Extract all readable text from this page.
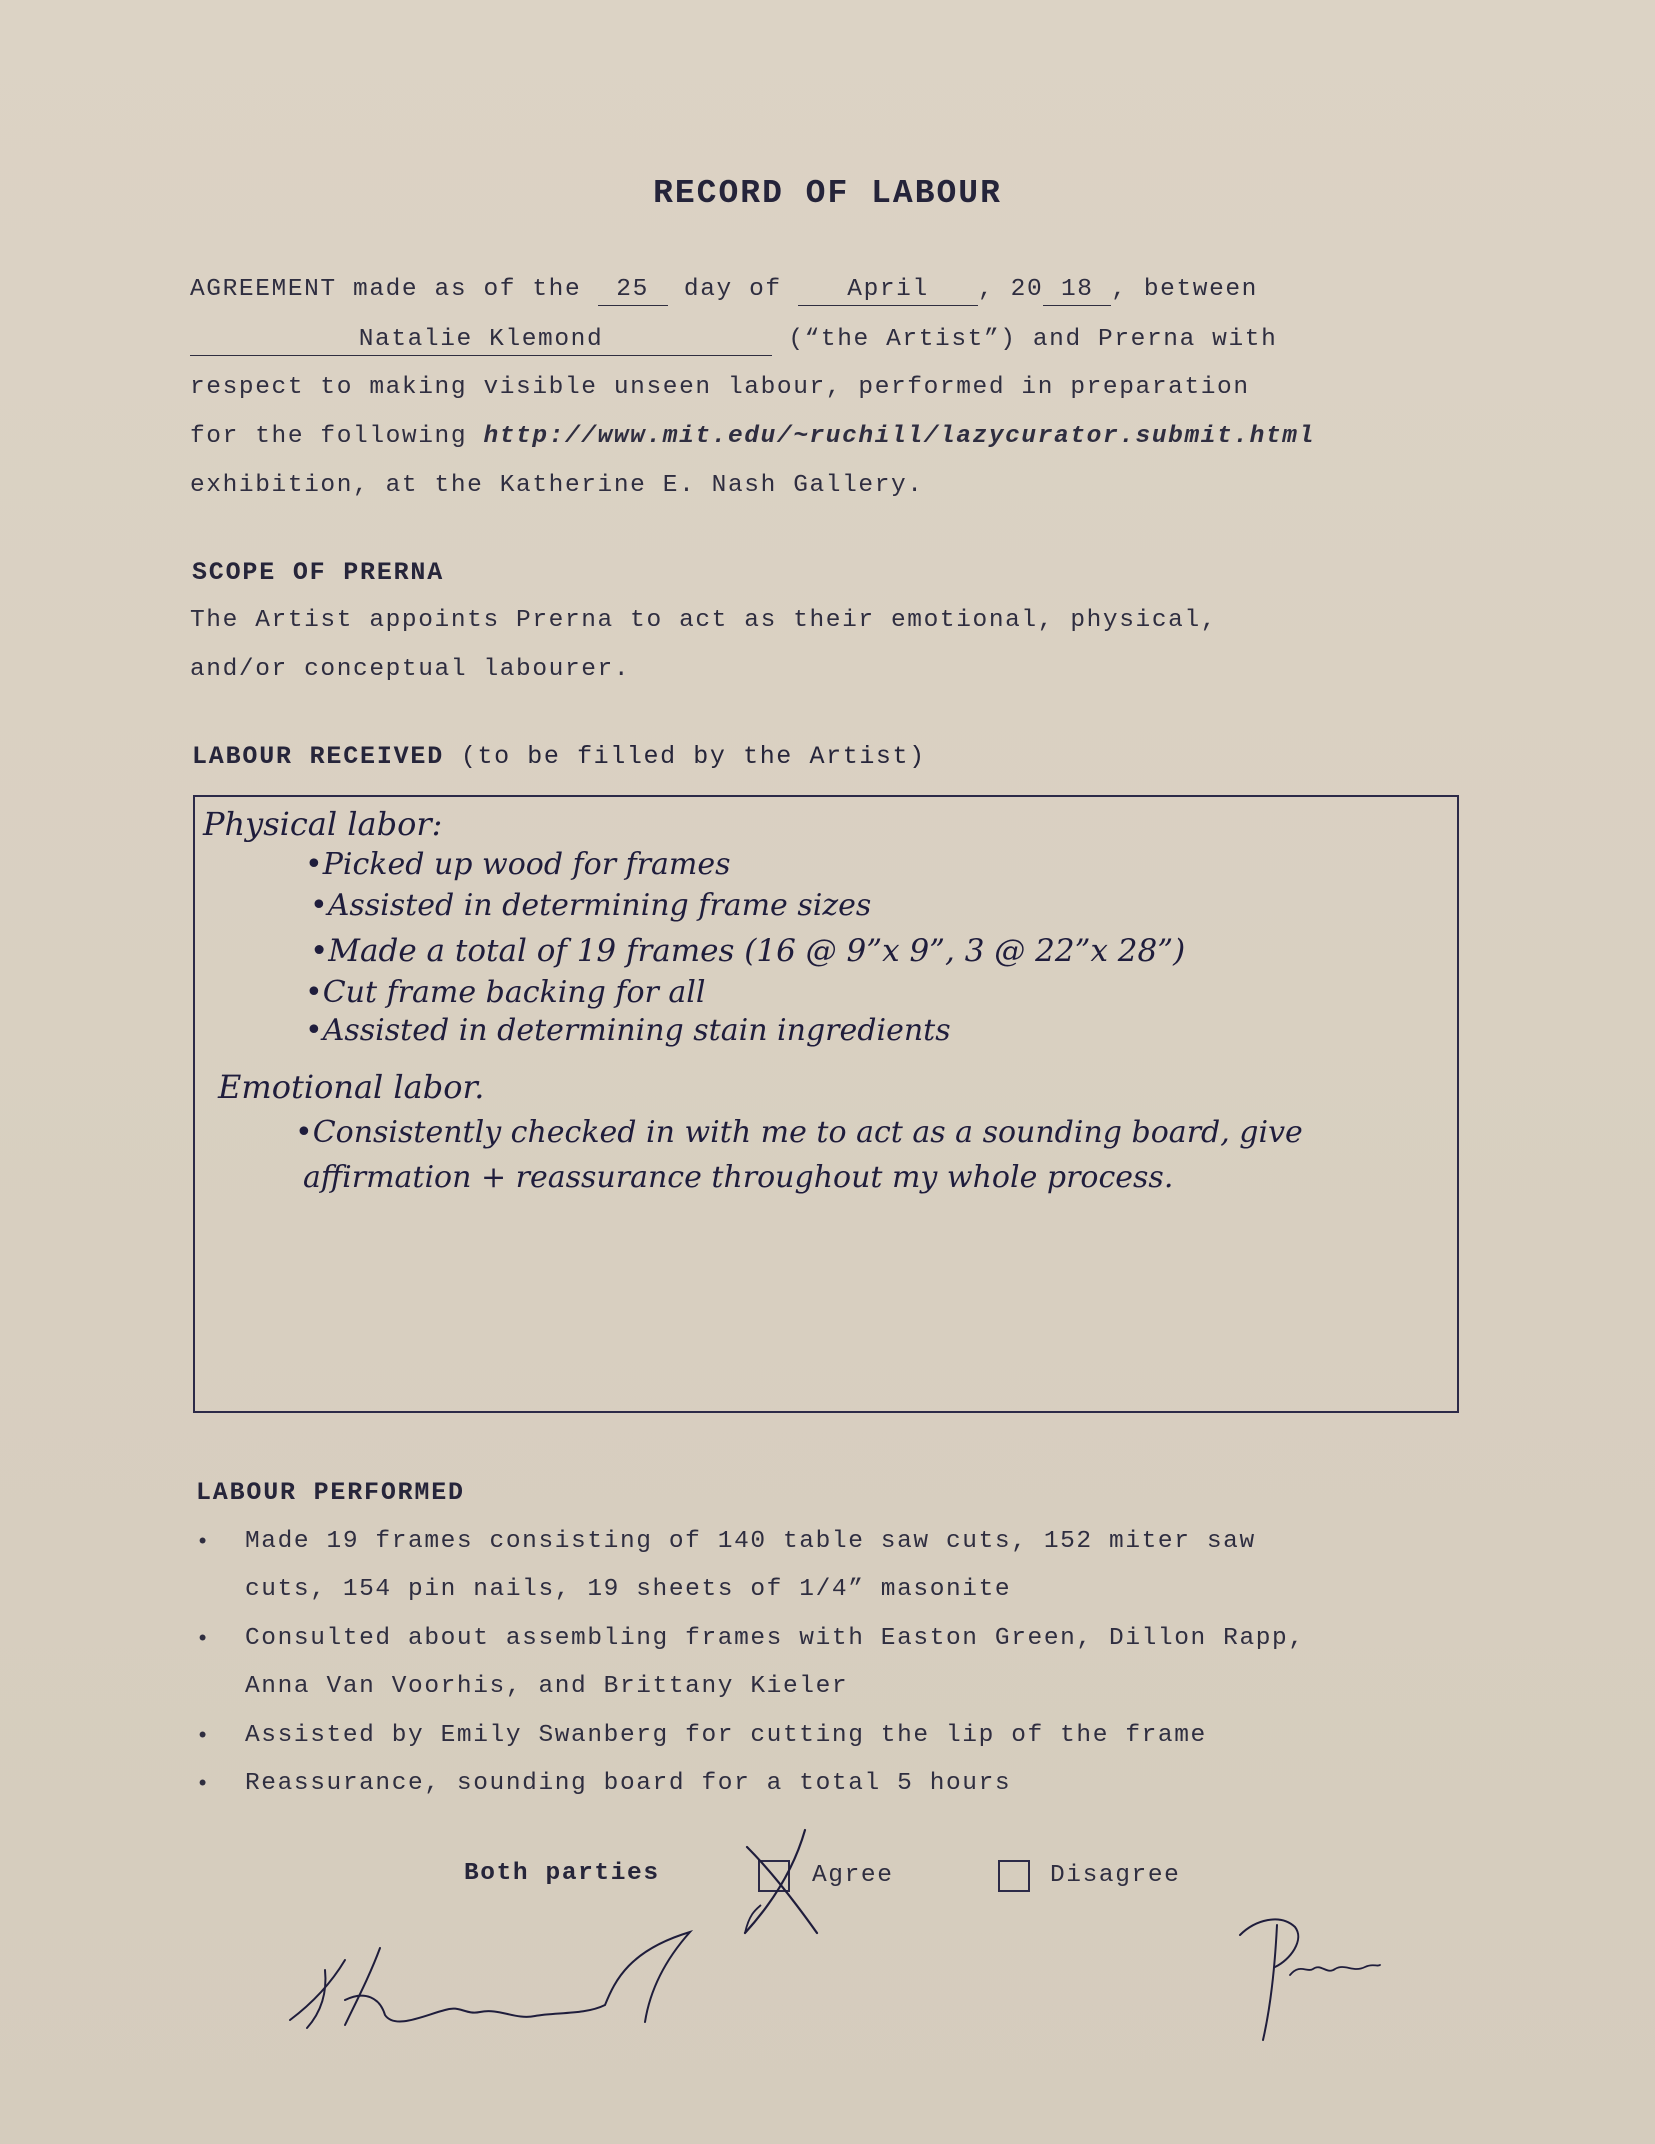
RECORD OF LABOUR
AGREEMENT made as of the 25 day of	April , 20 18 , between
Natalie Klemond	(“the Artist”) and Prerna with
respect to making visible unseen labour, performed in preparation
for the following http://www.mit.edu/~ruchill/lazycurator.submit.html
exhibition, at the Katherine E. Nash Gallery.
SCOPE OF PRERNA
The Artist appoints Prerna to act as their emotional, physical,
and/or conceptual labourer.
LABOUR RECEIVED (to be filled by the Artist)
Physical labor:
•Picked up wood for frames
•Assisted in determining frame sizes
•Made a total of 19 frames (16 @ 9”x 9”, 3 @ 22”x 28”)
•Cut frame backing for all
•Assisted in determining stain ingredients
Emotional labor.
•Consistently checked in with me to act as a sounding board, give
affirmation + reassurance throughout my whole process.
LABOUR PERFORMED
• Made 19 frames consisting of 140 table saw cuts, 152 miter saw
cuts, 154 pin nails, 19 sheets of 1/4” masonite
• Consulted about assembling frames with Easton Green, Dillon Rapp,
Anna Van Voorhis, and Brittany Kieler
• Assisted by Emily Swanberg for cutting the lip of the frame
• Reassurance, sounding board for a total 5 hours
Both parties	Agree	Disagree
